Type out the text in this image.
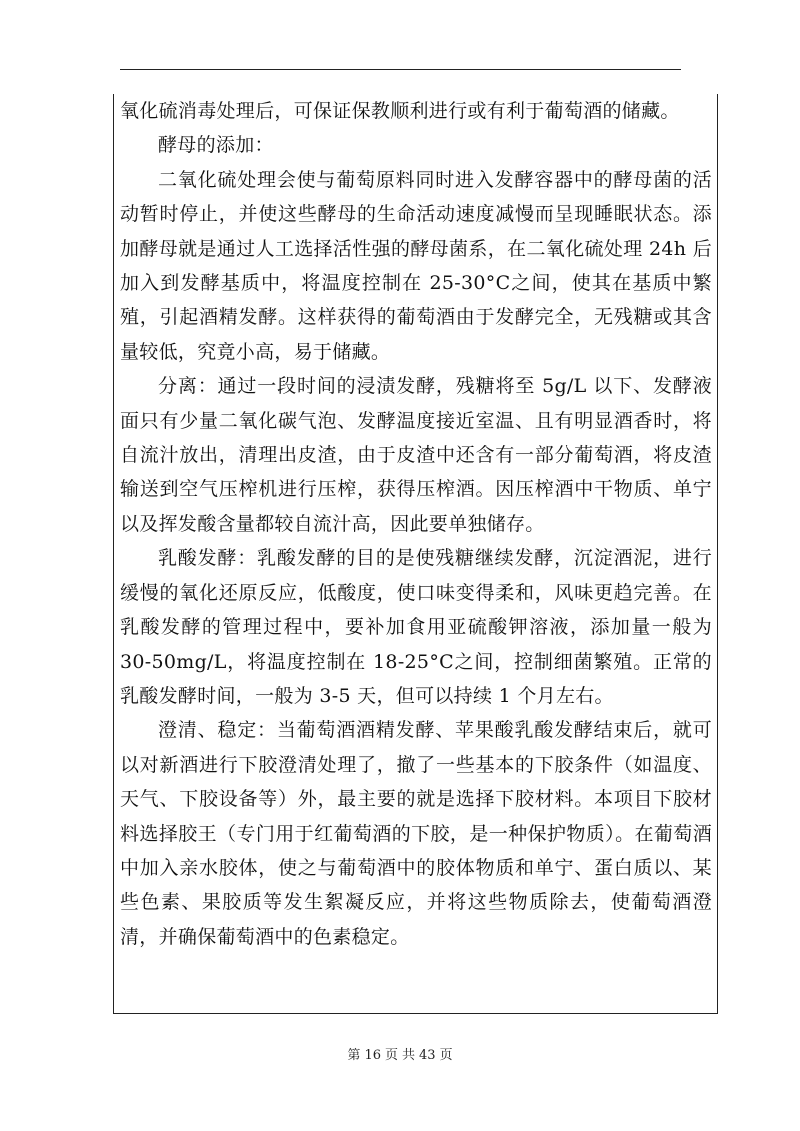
氧化硫消毒处理后，可保证保教顺利进行或有利于葡萄酒的储藏。

酵母的添加：

二氧化硫处理会使与葡萄原料同时进入发酵容器中的酵母菌的活动暂时停止，并使这些酵母的生命活动速度减慢而呈现睡眠状态。添加酵母就是通过人工选择活性强的酵母菌系，在二氧化硫处理 24h 后加入到发酵基质中，将温度控制在 25-30°C之间，使其在基质中繁殖，引起酒精发酵。这样获得的葡萄酒由于发酵完全，无残糖或其含量较低，究竟小高，易于储藏。

分离：通过一段时间的浸渍发酵，残糖将至 5g/L 以下、发酵液面只有少量二氧化碳气泡、发酵温度接近室温、且有明显酒香时，将自流汁放出，清理出皮渣，由于皮渣中还含有一部分葡萄酒，将皮渣输送到空气压榨机进行压榨，获得压榨酒。因压榨酒中干物质、单宁以及挥发酸含量都较自流汁高，因此要单独储存。

乳酸发酵：乳酸发酵的目的是使残糖继续发酵，沉淀酒泥，进行缓慢的氧化还原反应，低酸度，使口味变得柔和，风味更趋完善。在乳酸发酵的管理过程中，要补加食用亚硫酸钾溶液，添加量一般为 30-50mg/L，将温度控制在 18-25°C之间，控制细菌繁殖。正常的乳酸发酵时间，一般为 3-5 天，但可以持续 1 个月左右。

澄清、稳定：当葡萄酒酒精发酵、苹果酸乳酸发酵结束后，就可以对新酒进行下胶澄清处理了，撤了一些基本的下胶条件（如温度、天气、下胶设备等）外，最主要的就是选择下胶材料。本项目下胶材料选择胶王（专门用于红葡萄酒的下胶，是一种保护物质）。在葡萄酒中加入亲水胶体，使之与葡萄酒中的胶体物质和单宁、蛋白质以、某些色素、果胶质等发生絮凝反应，并将这些物质除去，使葡萄酒澄清，并确保葡萄酒中的色素稳定。

第 16 页 共 43 页
